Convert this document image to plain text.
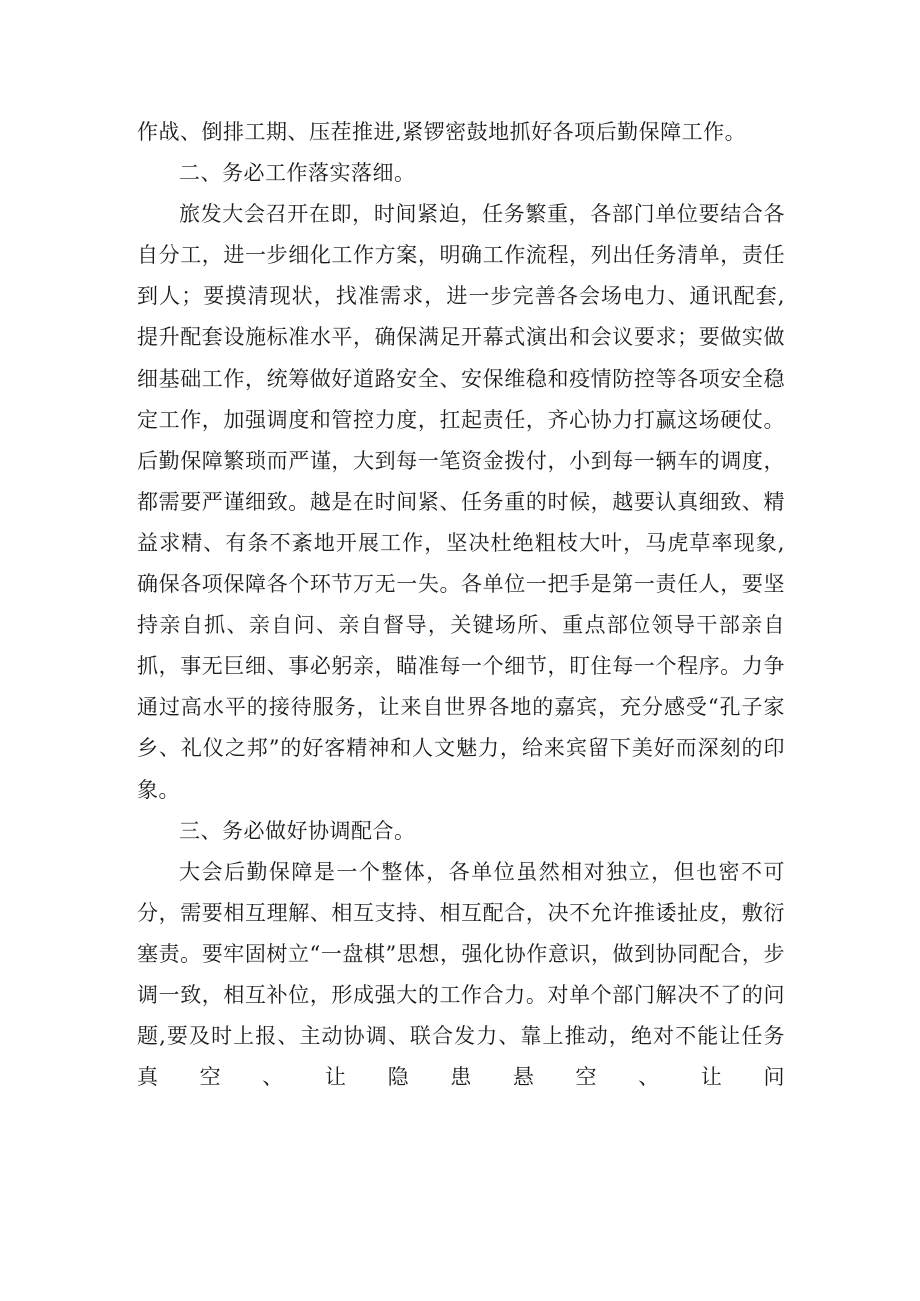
作战、倒排工期、压茬推进,紧锣密鼓地抓好各项后勤保障工作。

二、务必工作落实落细。

旅发大会召开在即，时间紧迫，任务繁重，各部门单位要结合各自分工，进一步细化工作方案，明确工作流程，列出任务清单，责任到人；要摸清现状，找准需求，进一步完善各会场电力、通讯配套,提升配套设施标准水平，确保满足开幕式演出和会议要求；要做实做细基础工作，统筹做好道路安全、安保维稳和疫情防控等各项安全稳定工作，加强调度和管控力度，扛起责任，齐心协力打赢这场硬仗。后勤保障繁琐而严谨，大到每一笔资金拨付，小到每一辆车的调度，都需要严谨细致。越是在时间紧、任务重的时候，越要认真细致、精益求精、有条不紊地开展工作，坚决杜绝粗枝大叶，马虎草率现象,确保各项保障各个环节万无一失。各单位一把手是第一责任人，要坚持亲自抓、亲自问、亲自督导，关键场所、重点部位领导干部亲自抓，事无巨细、事必躬亲，瞄准每一个细节，盯住每一个程序。力争通过高水平的接待服务，让来自世界各地的嘉宾，充分感受“孔子家乡、礼仪之邦”的好客精神和人文魅力，给来宾留下美好而深刻的印象。

三、务必做好协调配合。

大会后勤保障是一个整体，各单位虽然相对独立，但也密不可分，需要相互理解、相互支持、相互配合，决不允许推诿扯皮，敷衍塞责。要牢固树立“一盘棋”思想，强化协作意识，做到协同配合，步调一致，相互补位，形成强大的工作合力。对单个部门解决不了的问题,要及时上报、主动协调、联合发力、靠上推动，绝对不能让任务真空、让隐患悬空、让问
